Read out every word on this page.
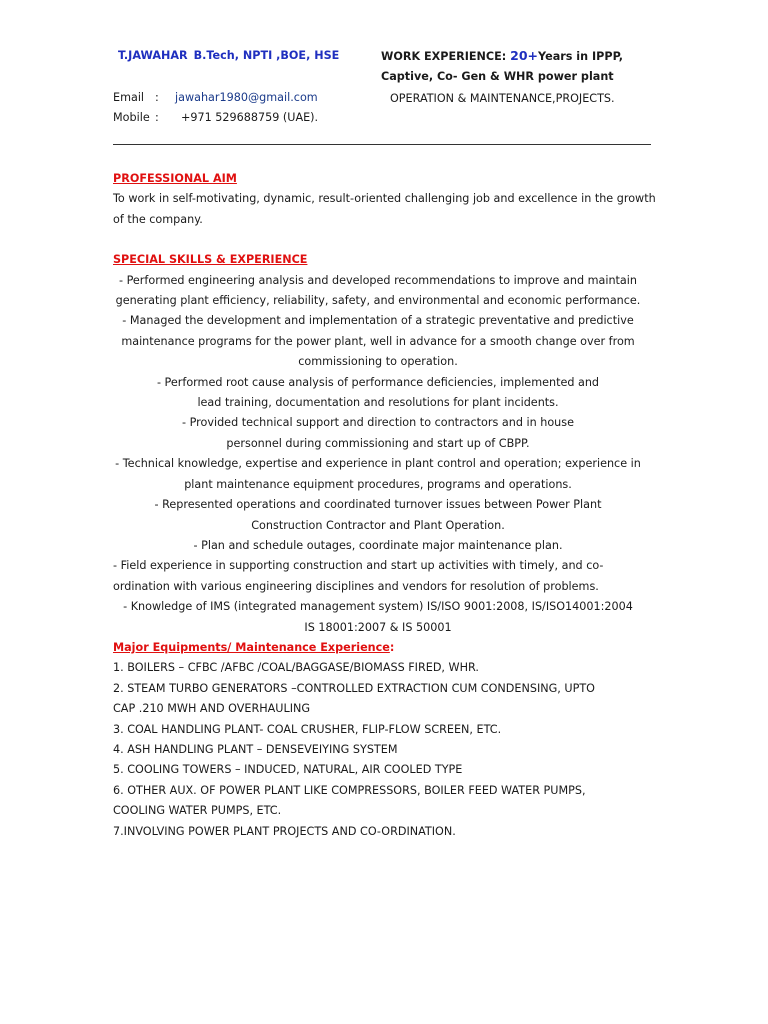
T.JAWAHAR B.Tech, NPTI ,BOE, HSE	WORK EXPERIENCE: 20+Years in IPPP,
Captive, Co- Gen & WHR power plant
OPERATION & MAINTENANCE,PROJECTS.
Email : jawahar1980@gmail.com
Mobile : +971 529688759 (UAE).
PROFESSIONAL AIM
To work in self-motivating, dynamic, result-oriented challenging job and excellence in the growth of the company.
SPECIAL SKILLS & EXPERIENCE
- Performed engineering analysis and developed recommendations to improve and maintain generating plant efficiency, reliability, safety, and environmental and economic performance.
- Managed the development and implementation of a strategic preventative and predictive maintenance programs for the power plant, well in advance for a smooth change over from commissioning to operation.
- Performed root cause analysis of performance deficiencies, implemented and lead training, documentation and resolutions for plant incidents.
- Provided technical support and direction to contractors and in house personnel during commissioning and start up of CBPP.
- Technical knowledge, expertise and experience in plant control and operation; experience in plant maintenance equipment procedures, programs and operations.
- Represented operations and coordinated turnover issues between Power Plant Construction Contractor and Plant Operation.
- Plan and schedule outages, coordinate major maintenance plan.
- Field experience in supporting construction and start up activities with timely, and co-ordination with various engineering disciplines and vendors for resolution of problems.
- Knowledge of IMS (integrated management system) IS/ISO 9001:2008, IS/ISO14001:2004 IS 18001:2007 & IS 50001
Major Equipments/ Maintenance Experience:
1. BOILERS – CFBC /AFBC /COAL/BAGGASE/BIOMASS FIRED, WHR.
2. STEAM TURBO GENERATORS –CONTROLLED EXTRACTION CUM CONDENSING, UPTO CAP .210 MWH AND OVERHAULING
3. COAL HANDLING PLANT- COAL CRUSHER, FLIP-FLOW SCREEN, ETC.
4. ASH HANDLING PLANT – DENSEVEIYING SYSTEM
5. COOLING TOWERS – INDUCED, NATURAL, AIR COOLED TYPE
6. OTHER AUX. OF POWER PLANT LIKE COMPRESSORS, BOILER FEED WATER PUMPS, COOLING WATER PUMPS, ETC.
7.INVOLVING POWER PLANT PROJECTS AND CO-ORDINATION.
